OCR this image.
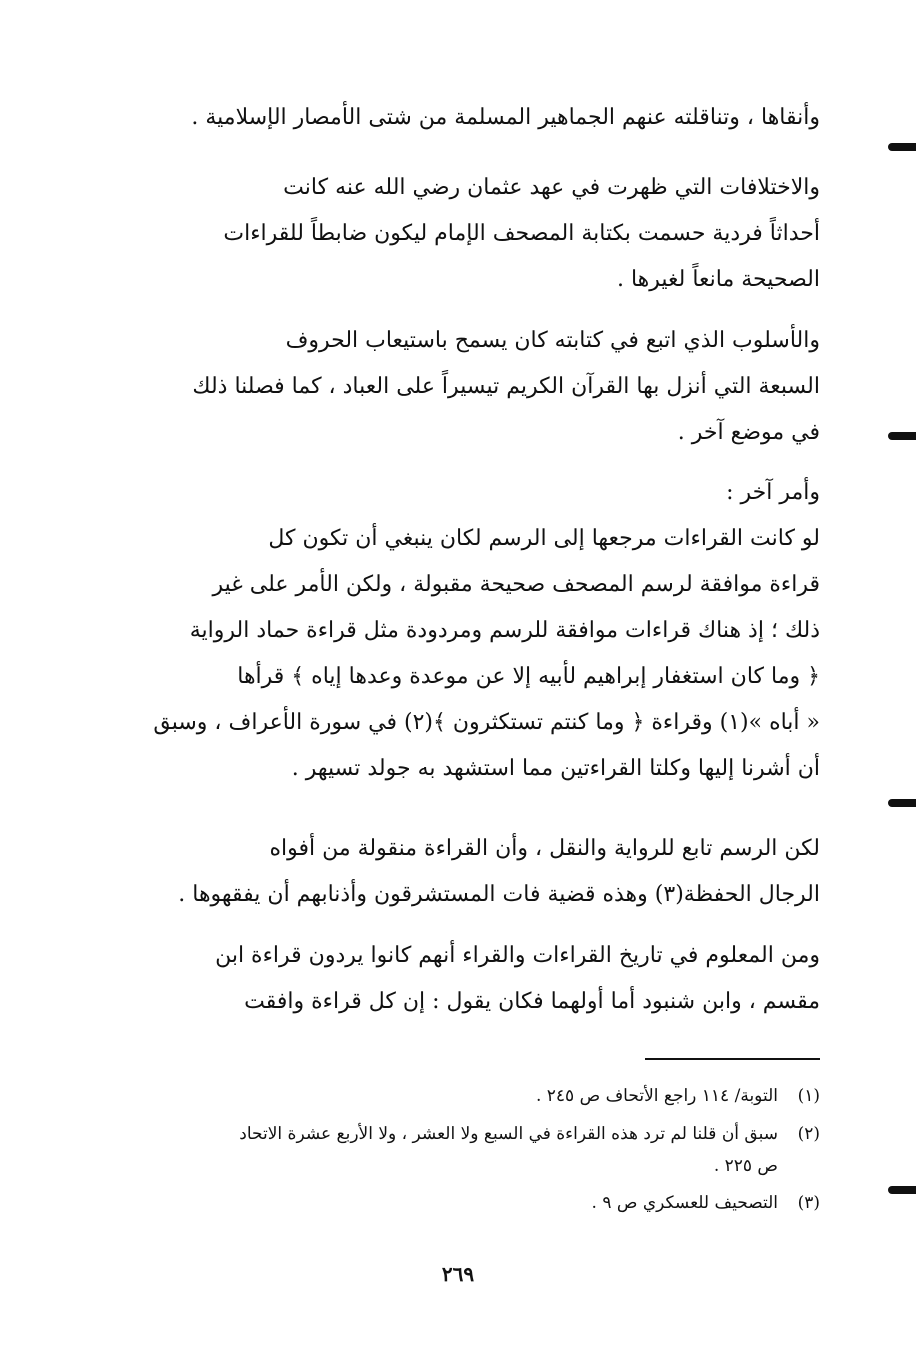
وأنقاها ، وتناقلته عنهم الجماهير المسلمة من شتى الأمصار الإسلامية .
والاختلافات التي ظهرت في عهد عثمان رضي الله عنه كانت
أحداثاً فردية حسمت بكتابة المصحف الإمام ليكون ضابطاً للقراءات
الصحيحة مانعاً لغيرها .
والأسلوب الذي اتبع في كتابته كان يسمح باستيعاب الحروف
السبعة التي أنزل بها القرآن الكريم تيسيراً على العباد ، كما فصلنا ذلك
في موضع آخر .
وأمر آخر :
لو كانت القراءات مرجعها إلى الرسم لكان ينبغي أن تكون كل
قراءة موافقة لرسم المصحف صحيحة مقبولة ، ولكن الأمر على غير
ذلك ؛ إذ هناك قراءات موافقة للرسم ومردودة مثل قراءة حماد الرواية
﴿ وما كان استغفار إبراهيم لأبيه إلا عن موعدة وعدها إياه ﴾ قرأها
« أباه »(١) وقراءة ﴿ وما كنتم تستكثرون ﴾(٢) في سورة الأعراف ، وسبق
أن أشرنا إليها وكلتا القراءتين مما استشهد به جولد تسيهر .
لكن الرسم تابع للرواية والنقل ، وأن القراءة منقولة من أفواه
الرجال الحفظة(٣) وهذه قضية فات المستشرقون وأذنابهم أن يفقهوها .
ومن المعلوم في تاريخ القراءات والقراء أنهم كانوا يردون قراءة ابن
مقسم ، وابن شنبود أما أولهما فكان يقول : إن كل قراءة وافقت
(١)التوبة/ ١١٤ راجع الأتحاف ص ٢٤٥ .
(٢)سبق أن قلنا لم ترد هذه القراءة في السبع ولا العشر ، ولا الأربع عشرة الاتحاد
ص ٢٢٥ .
(٣)التصحيف للعسكري ص ٩ .
٢٦٩
